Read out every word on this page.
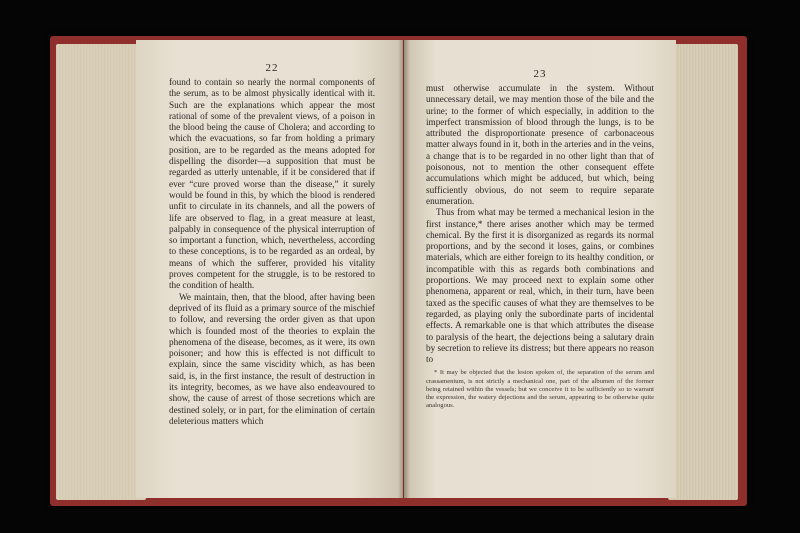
22

found to contain so nearly the normal components of the serum, as to be almost physically identical with it. Such are the explanations which appear the most rational of some of the prevalent views, of a poison in the blood being the cause of Cholera; and according to which the evacuations, so far from holding a primary position, are to be regarded as the means adopted for dispelling the disorder—a supposition that must be regarded as utterly untenable, if it be considered that if ever “cure proved worse than the disease,” it surely would be found in this, by which the blood is rendered unfit to circulate in its channels, and all the powers of life are observed to flag, in a great measure at least, palpably in consequence of the physical interruption of so important a function, which, nevertheless, according to these conceptions, is to be regarded as an ordeal, by means of which the sufferer, provided his vitality proves competent for the struggle, is to be restored to the condition of health.

We maintain, then, that the blood, after having been deprived of its fluid as a primary source of the mischief to follow, and reversing the order given as that upon which is founded most of the theories to explain the phenomena of the disease, becomes, as it were, its own poisoner; and how this is effected is not difficult to explain, since the same viscidity which, as has been said, is, in the first instance, the result of destruction in its integrity, becomes, as we have also endeavoured to show, the cause of arrest of those secretions which are destined solely, or in part, for the elimination of certain deleterious matters which

23

must otherwise accumulate in the system. Without unnecessary detail, we may mention those of the bile and the urine; to the former of which especially, in addition to the imperfect transmission of blood through the lungs, is to be attributed the disproportionate presence of carbonaceous matter always found in it, both in the arteries and in the veins, a change that is to be regarded in no other light than that of poisonous, not to mention the other consequent effete accumulations which might be adduced, but which, being sufficiently obvious, do not seem to require separate enumeration.

Thus from what may be termed a mechanical lesion in the first instance,* there arises another which may be termed chemical. By the first it is disorganized as regards its normal proportions, and by the second it loses, gains, or combines materials, which are either foreign to its healthy condition, or incompatible with this as regards both combinations and proportions. We may proceed next to explain some other phenomena, apparent or real, which, in their turn, have been taxed as the specific causes of what they are themselves to be regarded, as playing only the subordinate parts of incidental effects. A remarkable one is that which attributes the disease to paralysis of the heart, the dejections being a salutary drain by secretion to relieve its distress; but there appears no reason to

* It may be objected that the lesion spoken of, the separation of the serum and crassamentum, is not strictly a mechanical one, part of the albumen of the former being retained within the vessels; but we conceive it to be sufficiently so to warrant the expression, the watery dejections and the serum, appearing to be otherwise quite analogous.
